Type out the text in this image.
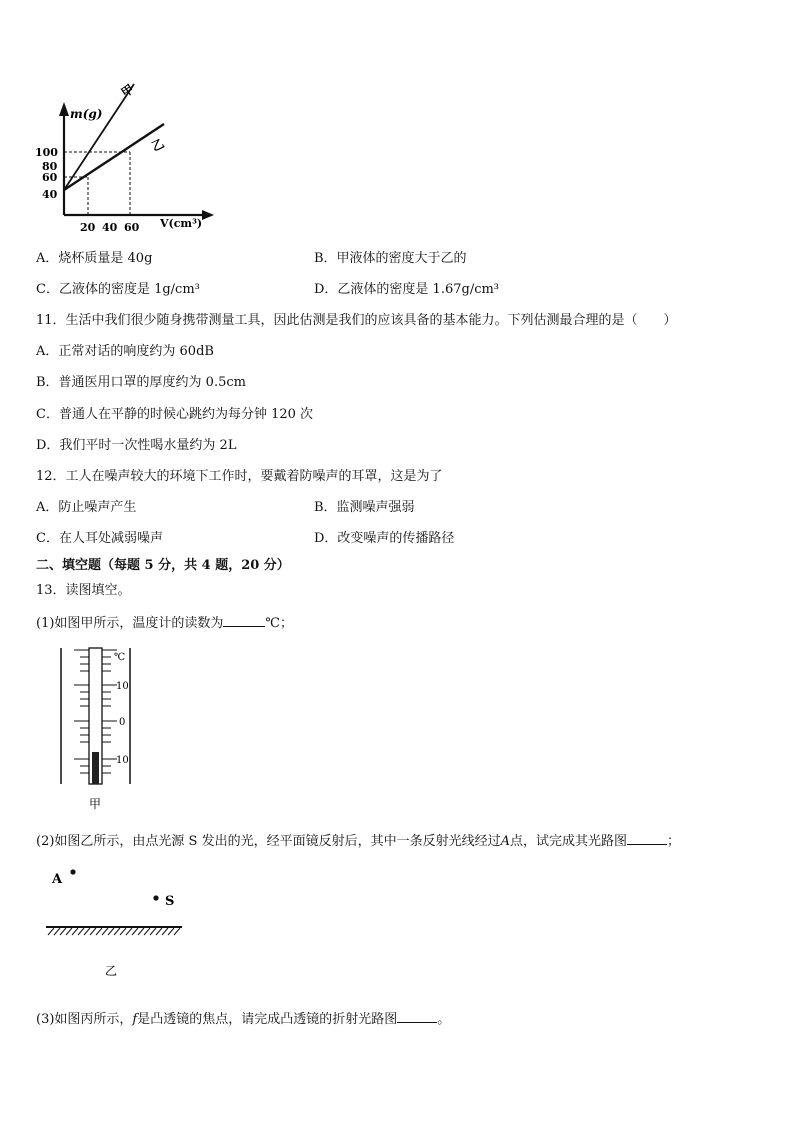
m(g)
100
80
60
40
20 40 60 V(cm³)
甲
乙
A．烧杯质量是 40g	B．甲液体的密度大于乙的
C．乙液体的密度是 1g/cm³	D．乙液体的密度是 1.67g/cm³
11．生活中我们很少随身携带测量工具，因此估测是我们的应该具备的基本能力。下列估测最合理的是（　　）
A．正常对话的响度约为 60dB
B．普通医用口罩的厚度约为 0.5cm
C．普通人在平静的时候心跳约为每分钟 120 次
D．我们平时一次性喝水量约为 2L
12．工人在噪声较大的环境下工作时，要戴着防噪声的耳罩，这是为了
A．防止噪声产生	B．监测噪声强弱
C．在人耳处减弱噪声	D．改变噪声的传播路径
二、填空题（每题 5 分，共 4 题，20 分）
13．读图填空。
(1)如图甲所示，温度计的读数为	℃；
℃
10
0
10
甲
(2)如图乙所示，由点光源 S 发出的光，经平面镜反射后，其中一条反射光线经过A点，试完成其光路图	；
A
S
乙
(3)如图丙所示，f是凸透镜的焦点，请完成凸透镜的折射光路图	。
